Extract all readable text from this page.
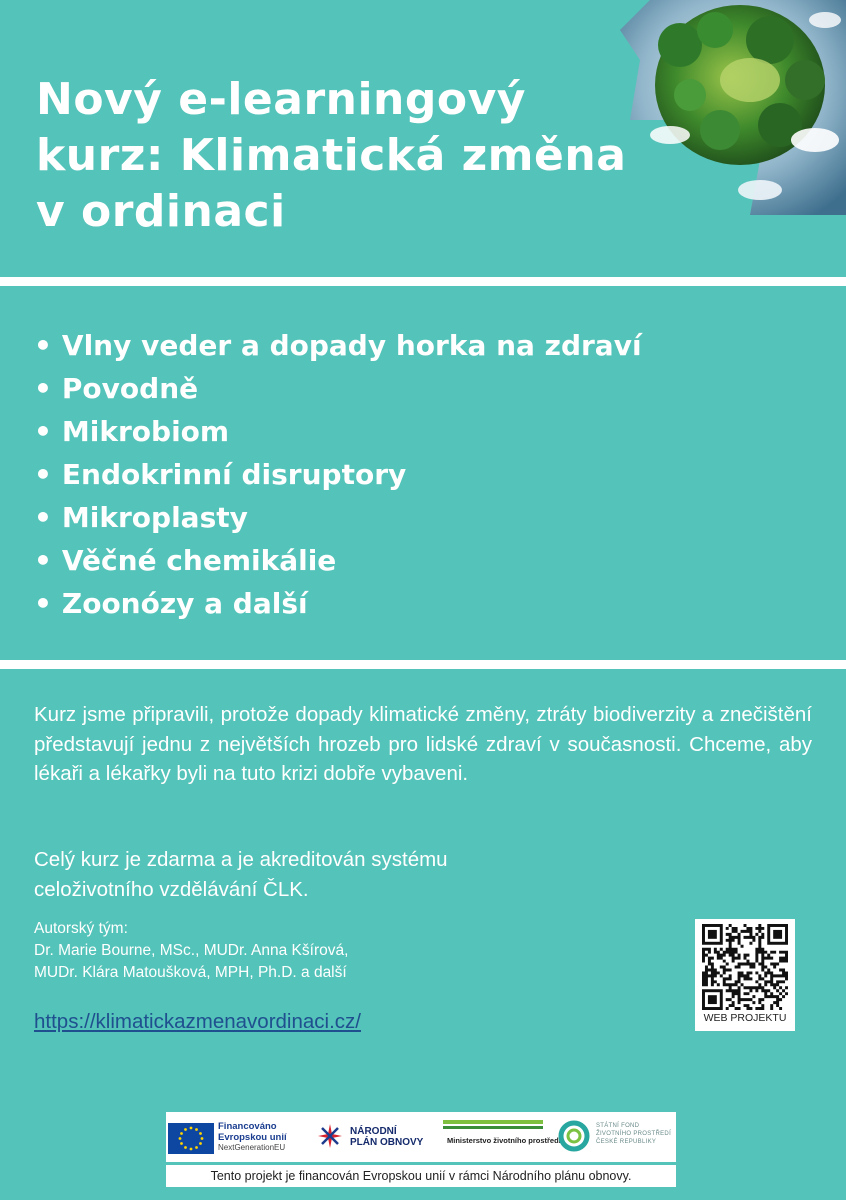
Nový e-learningový kurz: Klimatická změna v ordinaci
• Vlny veder a dopady horka na zdraví
• Povodně
• Mikrobiom
• Endokrinní disruptory
• Mikroplasty
• Věčné chemikálie
• Zoonózy a další

Kurz jsme připravili, protože dopady klimatické změny, ztráty biodiverzity a znečištění představují jednu z největších hrozeb pro lidské zdraví v současnosti. Chceme, aby lékaři a lékařky byli na tuto krizi dobře vybaveni.

Celý kurz je zdarma a je akreditován systému
celoživotního vzdělávání ČLK.

Autorský tým:
Dr. Marie Bourne, MSc., MUDr. Anna Kšírová,
MUDr. Klára Matoušková, MPH, Ph.D. a další
https://klimatickazmenavordinaci.cz/	WEB PROJEKTU
Financováno
Evropskou unií
NextGenerationEU
NÁRODNÍ
PLÁN OBNOVY	Ministerstvo životního prostředí
STÁTNÍ FOND
ŽIVOTNÍHO PROSTŘEDÍ
ČESKÉ REPUBLIKY
Tento projekt je financován Evropskou unií v rámci Národního plánu obnovy.
